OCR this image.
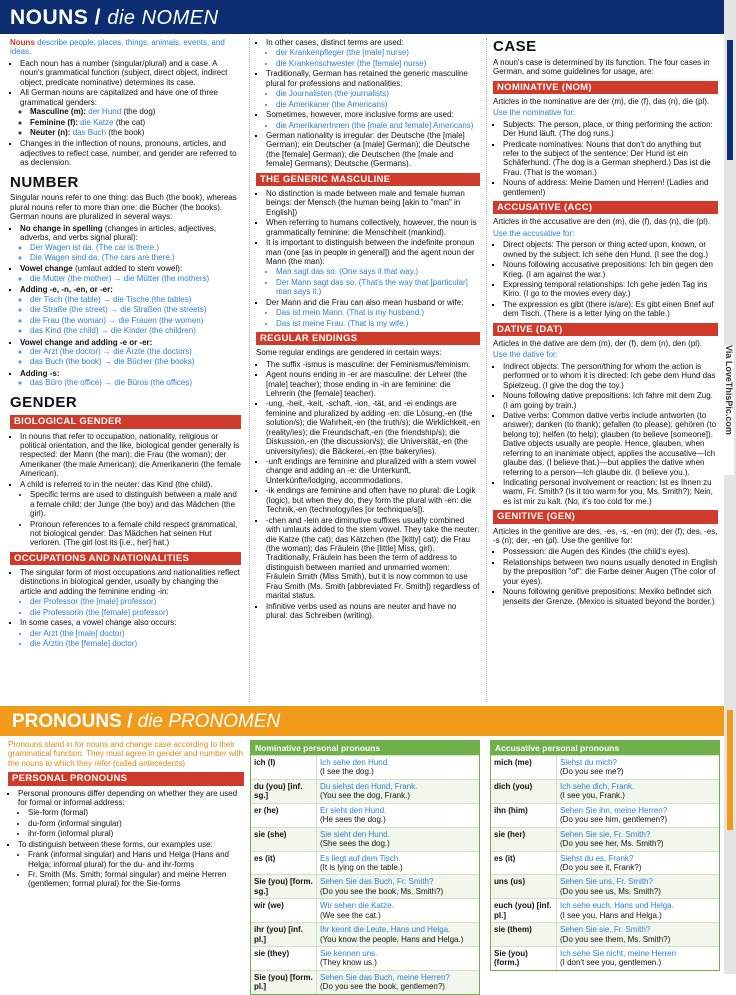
NOUNS / die NOMEN
Via LoveThisPic.com

Nouns describe people, places, things, animals, events, and ideas.

▪ Each noun has a number (singular/plural) and a case. A noun's grammatical function (subject, direct object, indirect object, predicate nominative) determines its case.
▪ All German nouns are capitalized and have one of three grammatical genders:
◦ Masculine (m): der Hund (the dog)
◦ Feminine (f): die Katze (the cat)
◦ Neuter (n): das Buch (the book)
▪ Changes in the inflection of nouns, pronouns, articles, and adjectives to reflect case, number, and gender are referred to as declension.
NUMBER

Singular nouns refer to one thing: das Buch (the book), whereas plural nouns refer to more than one: die Bücher (the books). German nouns are pluralized in several ways:

▪ No change in spelling (changes in articles, adjectives, adverbs, and verbs signal plural):
◦ Der Wagen ist da. (The car is there.)
◦ Die Wagen sind da. (The cars are there.)
▪ Vowel change (umlaut added to stem vowel):
◦ die Mutter (the mother) → die Mütter (the mothers)
▪ Adding -e, -n, -en, or -er:
◦ der Tisch (the table) → die Tische (the tables)
◦ die Straße (the street) → die Straßen (the streets)
◦ die Frau (the woman) → die Frauen (the women)
◦ das Kind (the child) → die Kinder (the children)
▪ Vowel change and adding -e or -er:
◦ der Arzt (the doctor) → die Ärzte (the doctors)
◦ das Buch (the book) → die Bücher (the books)
▪ Adding -s:
◦ das Büro (the office) → die Büros (the offices)
GENDER
BIOLOGICAL GENDER
▪ In nouns that refer to occupation, nationality, religious or political orientation, and the like, biological gender generally is respected: der Mann (the man); die Frau (the woman); der Amerikaner (the male American); die Amerikanerin (the female American).
▪ A child is referred to in the neuter: das Kind (the child).
• Specific terms are used to distinguish between a male and a female child: der Junge (the boy) and das Mädchen (the girl).
• Pronoun references to a female child respect grammatical, not biological gender: Das Mädchen hat seinen Hut verloren. (The girl lost its [i.e., her] hat.)
OCCUPATIONS AND NATIONALITIES
▪ The singular form of most occupations and nationalities reflect distinctions in biological gender, usually by changing the article and adding the feminine ending -in:
• der Professor (the [male] professor)
• die Professorin (the [female] professor)
▪ In some cases, a vowel change also occurs:
• der Arzt (the [male] doctor)
• die Ärztin (the [female] doctor)
▪ In other cases, distinct terms are used:
• der Krankenpfleger (the [male] nurse)
• die Krankenschwester (the [female] nurse)
▪ Traditionally, German has retained the generic masculine plural for professions and nationalities:
• die Journalisten (the journalists)
• die Amerikaner (the Americans)
▪ Sometimes, however, more inclusive forms are used:
• die AmerikanerInnen (the [male and female] Americans)
▪ German nationality is irregular: der Deutsche (the [male] German); ein Deutscher (a [male] German); die Deutsche (the [female] German); die Deutschen (the [male and female] Germans); Deutsche (Germans).
THE GENERIC MASCULINE
▪ No distinction is made between male and female human beings: der Mensch (the human being [akin to "man" in English])
▪ When referring to humans collectively, however, the noun is grammatically feminine: die Menschheit (mankind).
▪ It is important to distinguish between the indefinite pronoun man (one [as in people in general]) and the agent noun der Mann (the man):
• Man sagt das so. (One says it that way.)
• Der Mann sagt das so. (That's the way that [particular] man says it.)
▪ Der Mann and die Frau can also mean husband or wife:
• Das ist mein Mann. (That is my husband.)
• Das ist meine Frau. (That is my wife.)
REGULAR ENDINGS

Some regular endings are gendered in certain ways:

▪ The suffix -ismus is masculine: der Feminismus/feminism.
▪ Agent nouns ending in -er are masculine: der Lehrer (the [male] teacher); those ending in -in are feminine: die Lehrerin (the [female] teacher).
▪ -ung, -heit, -keit, -schaft, -ion, -tät, and -ei endings are feminine and pluralized by adding -en: die Lösung,-en (the solution/s); die Wahrheit,-en (the truth/s); die Wirklichkeit,-en (reality/ies); die Freundschaft,-en (the friendship/s); die Diskussion,-en (the discussion/s); die Universität,-en (the university/ies); die Bäckerei,-en (the bakery/ies).
▪ -unft endings are feminine and pluralized with a stem vowel change and adding an -e: die Unterkunft, Unterkünfte/lodging, accommodations.
▪ -ik endings are feminine and often have no plural: die Logik (logic), but when they do, they form the plural with -en: die Technik,-en (technology/ies [or technique/s]).
▪ -chen and -lein are diminutive suffixes usually combined with umlauts added to the stem vowel. They take the neuter: die Katze (the cat); das Kätzchen (the [kitty] cat); die Frau (the woman); das Fräulein (the [little] Miss, girl). Traditionally, Fräulein has been the term of address to distinguish between married and unmarried women: Fräulein Smith (Miss Smith), but it is now common to use Frau Smith (Ms. Smith [abbreviated Fr. Smith]) regardless of marital status.
▪ Infinitive verbs used as nouns are neuter and have no plural: das Schreiben (writing).
CASE

A noun's case is determined by its function. The four cases in German, and some guidelines for usage, are:

NOMINATIVE (NOM)

Articles in the nominative are der (m), die (f), das (n), die (pl).

Use the nominative for:

▪ Subjects: The person, place, or thing performing the action: Der Hund läuft. (The dog runs.)
▪ Predicate nominatives: Nouns that don't do anything but refer to the subject of the sentence: Der Hund ist ein Schäferhund. (The dog is a German shepherd.) Das ist die Frau. (That is the woman.)
▪ Nouns of address: Meine Damen und Herren! (Ladies and gentlemen!)
ACCUSATIVE (ACC)

Articles in the accusative are den (m), die (f), das (n), die (pl).

Use the accusative for:

▪ Direct objects: The person or thing acted upon, known, or owned by the subject: Ich sehe den Hund. (I see the dog.)
▪ Nouns following accusative prepositions: Ich bin gegen den Krieg. (I am against the war.)
▪ Expressing temporal relationships: Ich gehe jeden Tag ins Kino. (I go to the movies every day.)
▪ The expression es gibt (there is/are): Es gibt einen Brief auf dem Tisch. (There is a letter lying on the table.)
DATIVE (DAT)

Articles in the dative are dem (m), der (f), dem (n), den (pl).

Use the dative for:

▪ Indirect objects: The person/thing for whom the action is performed or to whom it is directed: Ich gebe dem Hund das Spielzeug. (I give the dog the toy.)
▪ Nouns following dative prepositions: Ich fahre mit dem Zug. (I am going by train.)
▪ Dative verbs: Common dative verbs include antworten (to answer); danken (to thank); gefallen (to please); gehören (to belong to); helfen (to help); glauben (to believe [someone]). Dative objects usually are people. Hence, glauben, when referring to an inanimate object, applies the accusative—Ich glaube das. (I believe that.)—but applies the dative when referring to a person—Ich glaube dir. (I believe you.).
▪ Indicating personal involvement or reaction: Ist es Ihnen zu warm, Fr. Smith? (Is it too warm for you, Ms. Smith?); Nein, es ist mir zu kalt. (No, it's too cold for me.)
GENITIVE (GEN)

Articles in the genitive are des, -es, -s, -en (m); der (f); des, -es, -s (n); der, -en (pl). Use the genitive for:

▪ Possession: die Augen des Kindes (the child's eyes).
▪ Relationships between two nouns usually denoted in English by the preposition "of": die Farbe deiner Augen (The color of your eyes).
▪ Nouns following genitive prepositions: Mexiko befindet sich jenseits der Grenze. (Mexico is situated beyond the border.)
PRONOUNS / die PRONOMEN

Pronouns stand in for nouns and change case according to their grammatical function. They must agree in gender and number with the nouns to which they refer (called antecedents).

PERSONAL PRONOUNS
▪ Personal pronouns differ depending on whether they are used for formal or informal address:
• Sie-form (formal)
• du-form (informal singular)
• ihr-form (informal plural)
▪ To distinguish between these forms, our examples use:
• Frank (informal singular) and Hans und Helga (Hans and Helga; informal plural) for the du- and ihr-forms
• Fr. Smith (Ms. Smith; formal singular) and meine Herren (gentlemen; formal plural) for the Sie-forms
Nominative personal pronouns
ich (I)	Ich sehe den Hund.
(I see the dog.)
du (you) [inf. sg.]
Du siehst den Hund, Frank.
(You see the dog, Frank.)
er (he)	Er sieht den Hund.
(He sees the dog.)
sie (she)	Sie sieht den Hund.
(She sees the dog.)
es (it)	Es liegt auf dem Tisch.
(It is lying on the table.)
Sie (you) [form. sg.]
Sehen Sie das Buch, Fr. Smith?
(Do you see the book, Ms. Smith?)
wir (we)	Wir sehen die Katze.
(We see the cat.)
ihr (you) [inf. pl.]
Ihr kennt die Leute, Hans und Helga.
(You know the people, Hans and Helga.)
sie (they)	Sie kennen uns.
(They know us.)
Sie (you) [form. pl.]
Sehen Sie das Buch, meine Herren?
(Do you see the book, gentlemen?)
Accusative personal pronouns
mich (me)	Siehst du mich?
(Do you see me?)
dich (you)	Ich sehe dich, Frank.
(I see you, Frank.)
ihn (him)	Sehen Sie ihn, meine Herren?
(Do you see him, gentlemen?)
sie (her)	Sehen Sie sie, Fr. Smith?
(Do you see her, Ms. Smith?)
es (it)	Siehst du es, Frank?
(Do you see it, Frank?)
uns (us)	Sehen Sie uns, Fr. Smith?
(Do you see us, Ms. Smith?)
euch (you) [inf. pl.]
Ich sehe euch, Hans und Helga.
(I see you, Hans and Helga.)
sie (them)	Sehen Sie sie, Fr. Smith?
(Do you see them, Ms. Smith?)
Sie (you) (form.)
Ich sehe Sie nicht, meine Herren
(I don't see you, gentlemen.)
